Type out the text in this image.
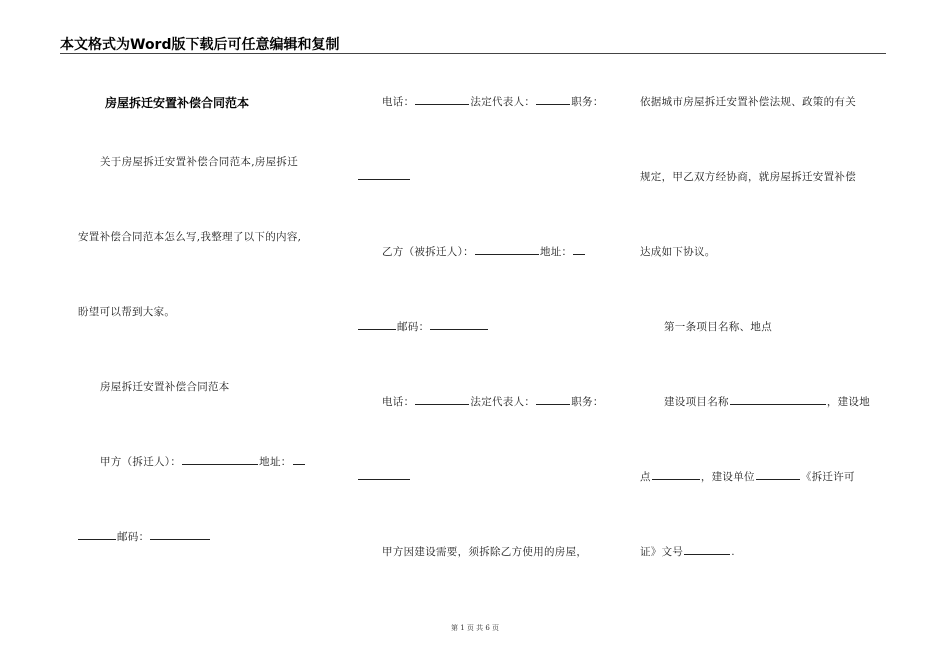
本文格式为Word版下载后可任意编辑和复制
房屋拆迁安置补偿合同范本
关于房屋拆迁安置补偿合同范本,房屋拆迁
安置补偿合同范本怎么写,我整理了以下的内容,
盼望可以帮到大家。
房屋拆迁安置补偿合同范本
甲方（拆迁人）：	地址：
邮码：
电话：	法定代表人：	职务：
乙方（被拆迁人）：	地址：
邮码：
电话：	法定代表人：	职务：
甲方因建设需要，须拆除乙方使用的房屋，
依据城市房屋拆迁安置补偿法规、政策的有关
规定，甲乙双方经协商，就房屋拆迁安置补偿
达成如下协议。
第一条项目名称、地点
建设项目名称	，建设地
点	，建设单位	《拆迁许可
证》文号	.
第 1 页 共 6 页
